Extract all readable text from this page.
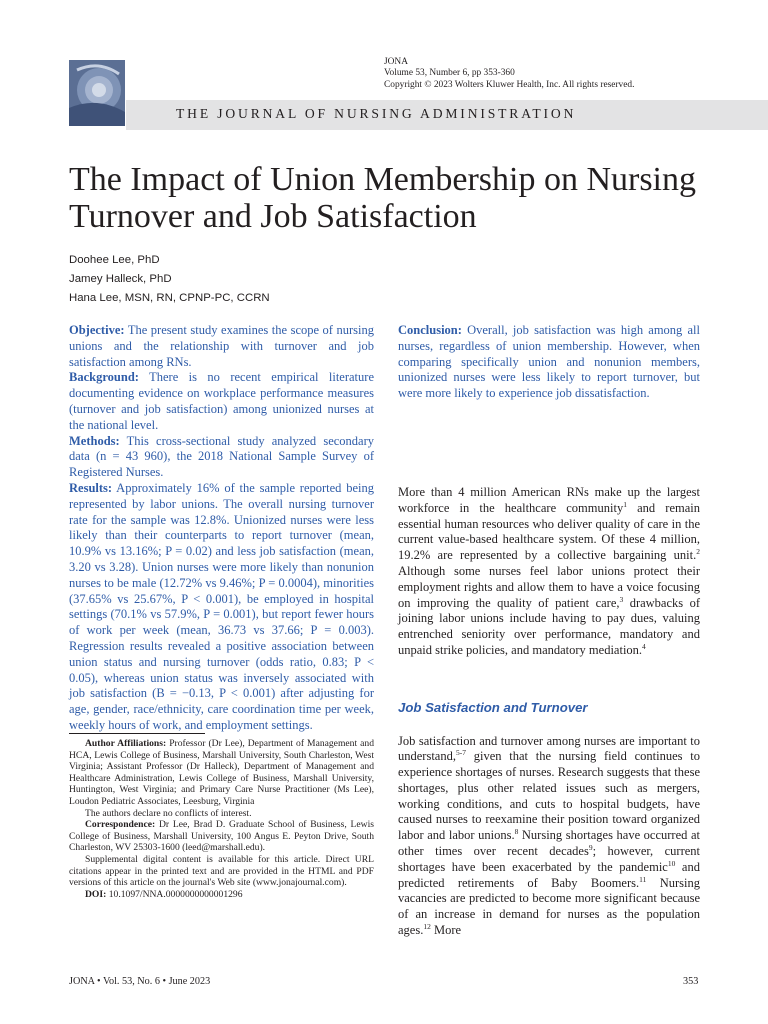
JONA
Volume 53, Number 6, pp 353-360
Copyright © 2023 Wolters Kluwer Health, Inc. All rights reserved.
THE JOURNAL OF NURSING ADMINISTRATION
The Impact of Union Membership on Nursing Turnover and Job Satisfaction
Doohee Lee, PhD
Jamey Halleck, PhD
Hana Lee, MSN, RN, CPNP-PC, CCRN

Objective: The present study examines the scope of nursing unions and the relationship with turnover and job satisfaction among RNs.

Background: There is no recent empirical literature documenting evidence on workplace performance measures (turnover and job satisfaction) among unionized nurses at the national level.

Methods: This cross-sectional study analyzed secondary data (n = 43 960), the 2018 National Sample Survey of Registered Nurses.

Results: Approximately 16% of the sample reported being represented by labor unions. The overall nursing turnover rate for the sample was 12.8%. Unionized nurses were less likely than their counterparts to report turnover (mean, 10.9% vs 13.16%; P = 0.02) and less job satisfaction (mean, 3.20 vs 3.28). Union nurses were more likely than nonunion nurses to be male (12.72% vs 9.46%; P = 0.0004), minorities (37.65% vs 25.67%, P < 0.001), be employed in hospital settings (70.1% vs 57.9%, P = 0.001), but report fewer hours of work per week (mean, 36.73 vs 37.66; P = 0.003). Regression results revealed a positive association between union status and nursing turnover (odds ratio, 0.83; P < 0.05), whereas union status was inversely associated with job satisfaction (B = −0.13, P < 0.001) after adjusting for age, gender, race/ethnicity, care coordination time per week, weekly hours of work, and employment settings.

Conclusion: Overall, job satisfaction was high among all nurses, regardless of union membership. However, when comparing specifically union and nonunion members, unionized nurses were less likely to report turnover, but were more likely to experience job dissatisfaction.

More than 4 million American RNs make up the largest workforce in the healthcare community$^1$ and remain essential human resources who deliver quality of care in the current value-based healthcare system. Of these 4 million, 19.2% are represented by a collective bargaining unit.$^2$ Although some nurses feel labor unions protect their employment rights and allow them to have a voice focusing on improving the quality of patient care,$^3$ drawbacks of joining labor unions include having to pay dues, valuing entrenched seniority over performance, mandatory and unpaid strike policies, and mandatory mediation.$^4$

Job Satisfaction and Turnover

Job satisfaction and turnover among nurses are important to understand,$^{5-7}$ given that the nursing field continues to experience shortages of nurses. Research suggests that these shortages, plus other related issues such as mergers, working conditions, and cuts to hospital budgets, have caused nurses to reexamine their position toward organized labor and labor unions.$^8$ Nursing shortages have occurred at other times over recent decades$^9$; however, current shortages have been exacerbated by the pandemic$^{10}$ and predicted retirements of Baby Boomers.$^{11}$ Nursing vacancies are predicted to become more significant because of an increase in demand for nurses as the population ages.$^{12}$ More

Author Affiliations: Professor (Dr Lee), Department of Management and HCA, Lewis College of Business, Marshall University, South Charleston, West Virginia; Assistant Professor (Dr Halleck), Department of Management and Healthcare Administration, Lewis College of Business, Marshall University, Huntington, West Virginia; and Primary Care Nurse Practitioner (Ms Lee), Loudon Pediatric Associates, Leesburg, Virginia

The authors declare no conflicts of interest.

Correspondence: Dr Lee, Brad D. Graduate School of Business, Lewis College of Business, Marshall University, 100 Angus E. Peyton Drive, South Charleston, WV 25303-1600 (leed@marshall.edu).

Supplemental digital content is available for this article. Direct URL citations appear in the printed text and are provided in the HTML and PDF versions of this article on the journal's Web site (www.jonajournal.com).

DOI: 10.1097/NNA.0000000000001296

JONA • Vol. 53, No. 6 • June 2023	353
